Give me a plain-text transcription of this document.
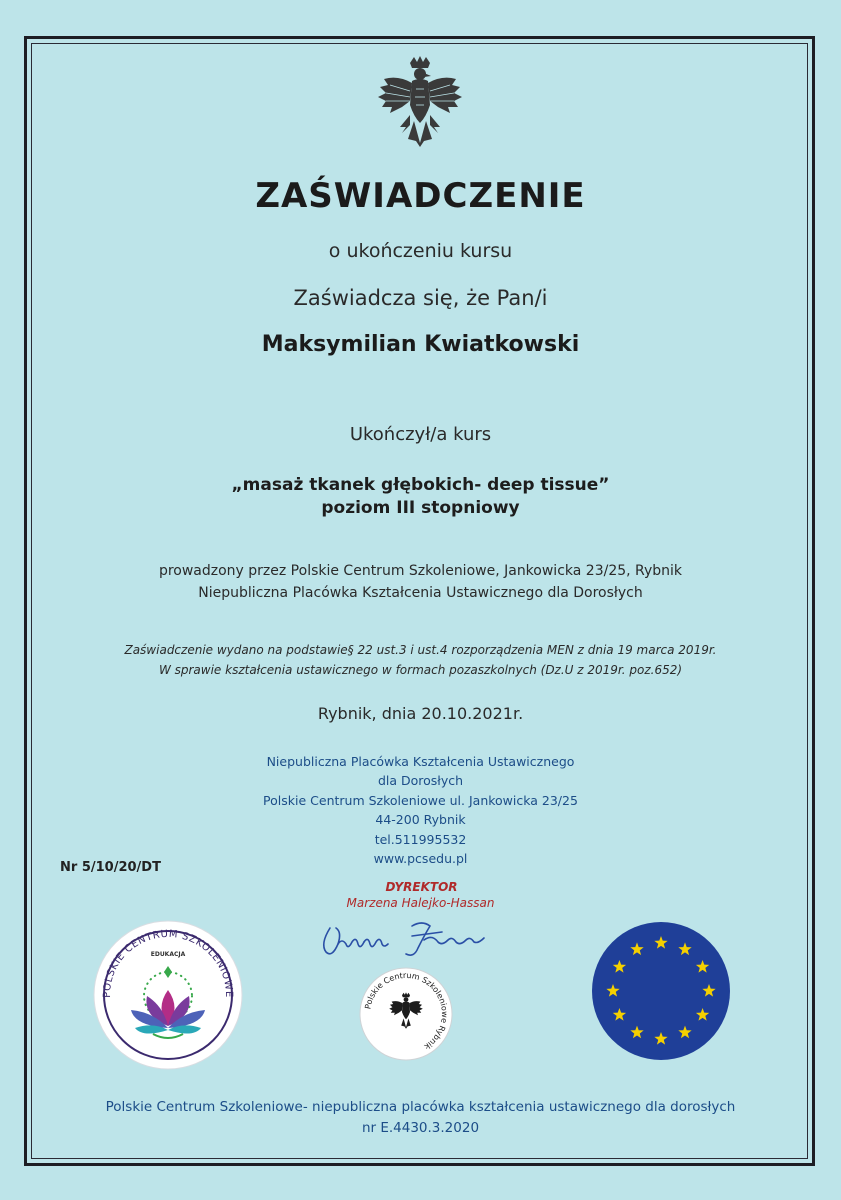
ZAŚWIADCZENIE
o ukończeniu kursu
Zaświadcza się, że Pan/i
Maksymilian Kwiatkowski
Ukończył/a kurs
„masaż tkanek głębokich- deep tissue”
poziom III stopniowy
prowadzony przez Polskie Centrum Szkoleniowe, Jankowicka 23/25, Rybnik
Niepubliczna Placówka Kształcenia Ustawicznego dla Dorosłych
Zaświadczenie wydano na podstawie§ 22 ust.3 i ust.4 rozporządzenia MEN z dnia 19 marca 2019r.
W sprawie kształcenia ustawicznego w formach pozaszkolnych (Dz.U z 2019r. poz.652)
Rybnik, dnia 20.10.2021r.
Niepubliczna Placówka Kształcenia Ustawicznego
dla Dorosłych
Polskie Centrum Szkoleniowe ul. Jankowicka 23/25
44-200 Rybnik
tel.511995532
www.pcsedu.pl
Nr 5/10/20/DT
DYREKTOR
Marzena Halejko-Hassan
POLSKIE CENTRUM SZKOLENIOWE
EDUKACJA
Polskie Centrum Szkoleniowe Rybnik
Polskie Centrum Szkoleniowe- niepubliczna placówka kształcenia ustawicznego dla dorosłych
nr E.4430.3.2020
